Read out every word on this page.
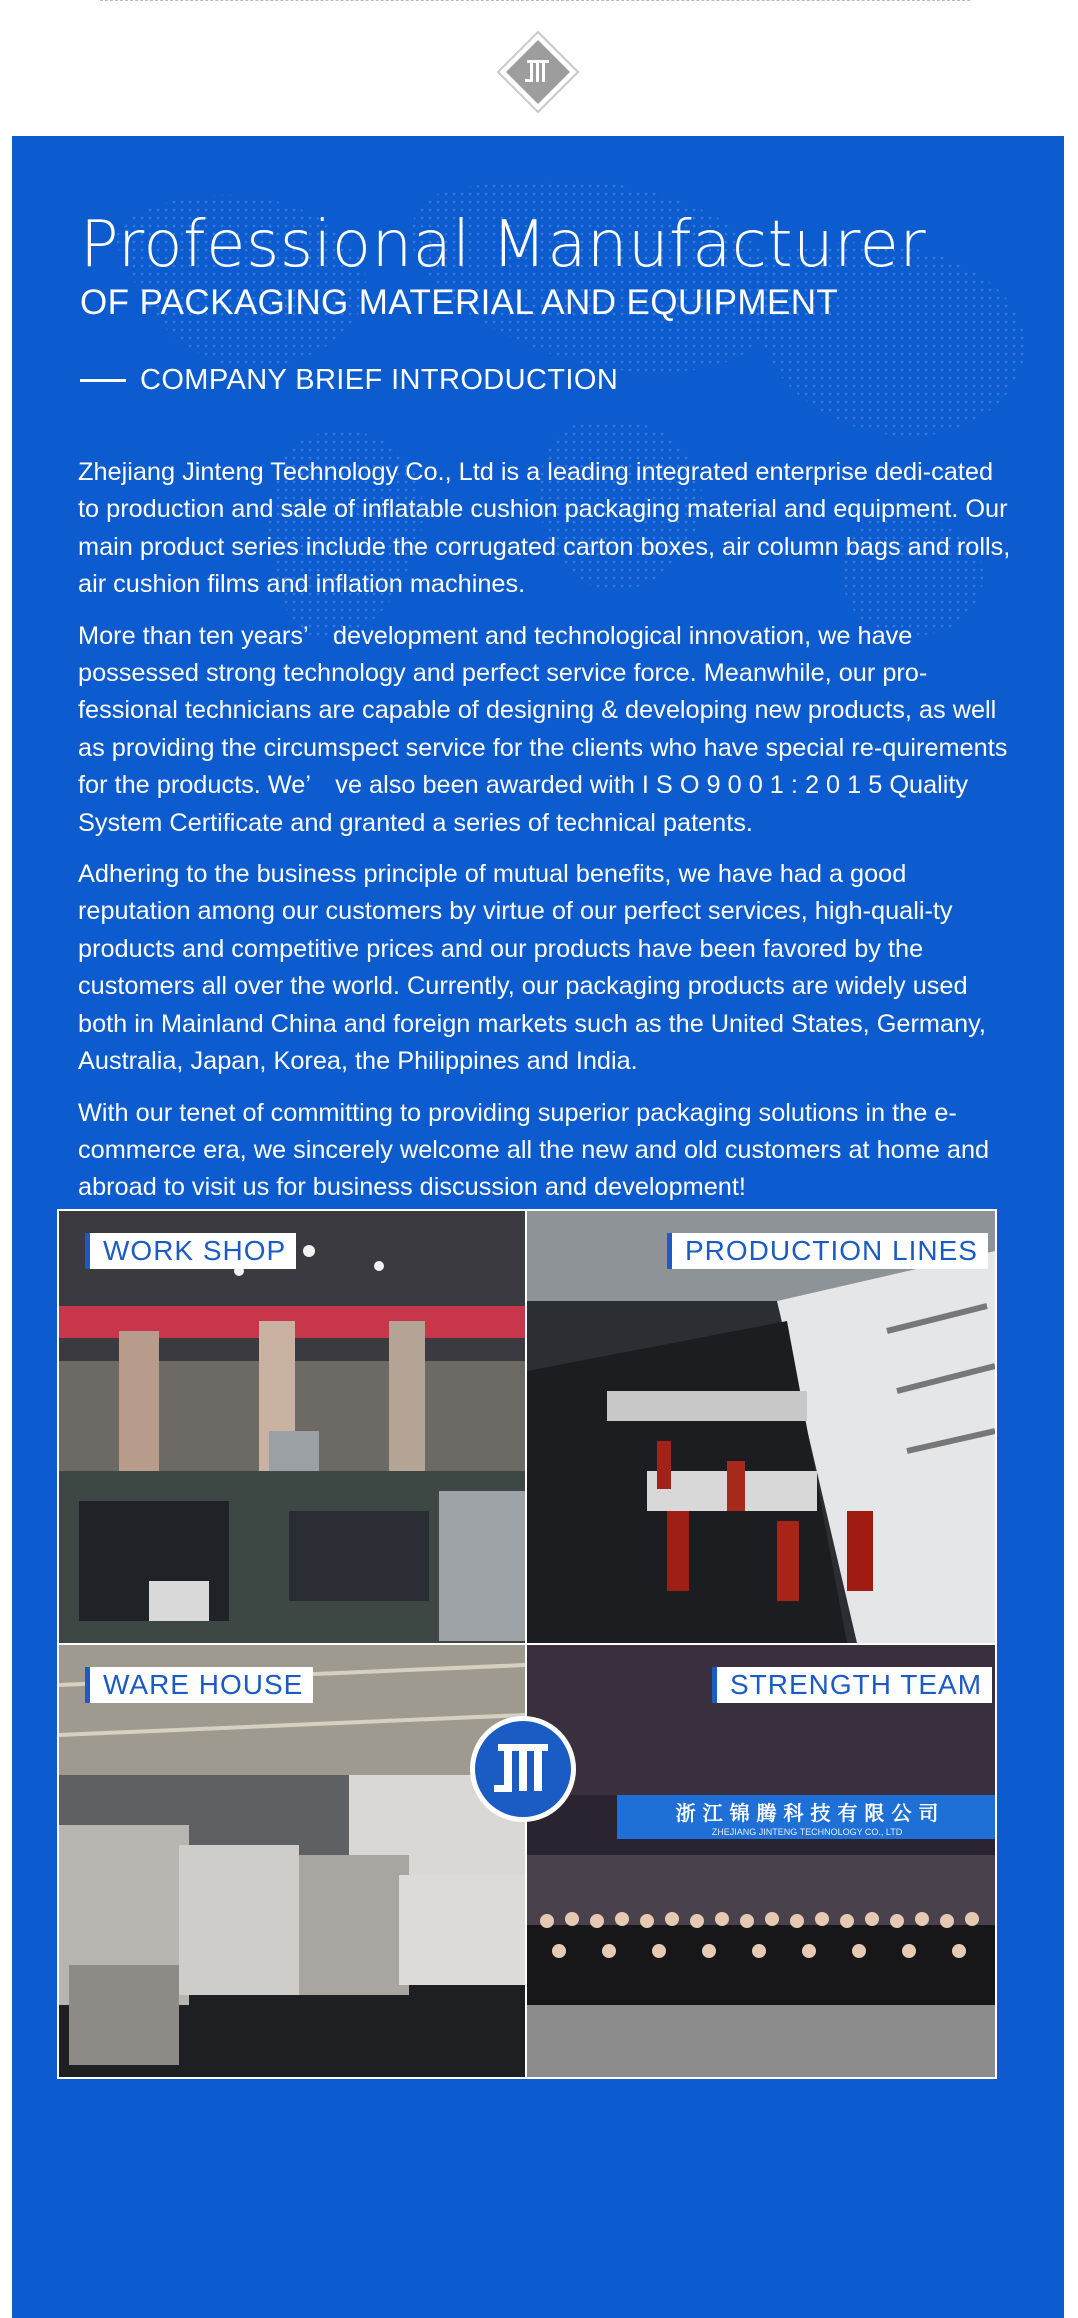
Professional Manufacturer
OF PACKAGING MATERIAL AND EQUIPMENT
COMPANY BRIEF INTRODUCTION

Zhejiang Jinteng Technology Co., Ltd is a leading integrated enterprise dedi-cated to production and sale of inflatable cushion packaging material and equipment. Our main product series include the corrugated carton boxes, air column bags and rolls, air cushion films and inflation machines.

More than ten years’　development and technological innovation, we have possessed strong technology and perfect service force. Meanwhile, our pro-fessional technicians are capable of designing & developing new products, as well as providing the circumspect service for the clients who have special re-quirements for the products. We’　ve also been awarded with I S O 9 0 0 1 : 2 0 1 5 Quality System Certificate and granted a series of technical patents.

Adhering to the business principle of mutual benefits, we have had a good reputation among our customers by virtue of our perfect services, high-quali-ty products and competitive prices and our products have been favored by the customers all over the world. Currently, our packaging products are widely used both in Mainland China and foreign markets such as the United States, Germany, Australia, Japan, Korea, the Philippines and India.

With our tenet of committing to providing superior packaging solutions in the e-commerce era, we sincerely welcome all the new and old customers at home and abroad to visit us for business discussion and development!

WORK SHOP	PRODUCTION LINES
WARE HOUSE
浙 江 锦 腾 科 技 有 限 公 司
ZHEJIANG JINTENG TECHNOLOGY CO., LTD
STRENGTH TEAM
